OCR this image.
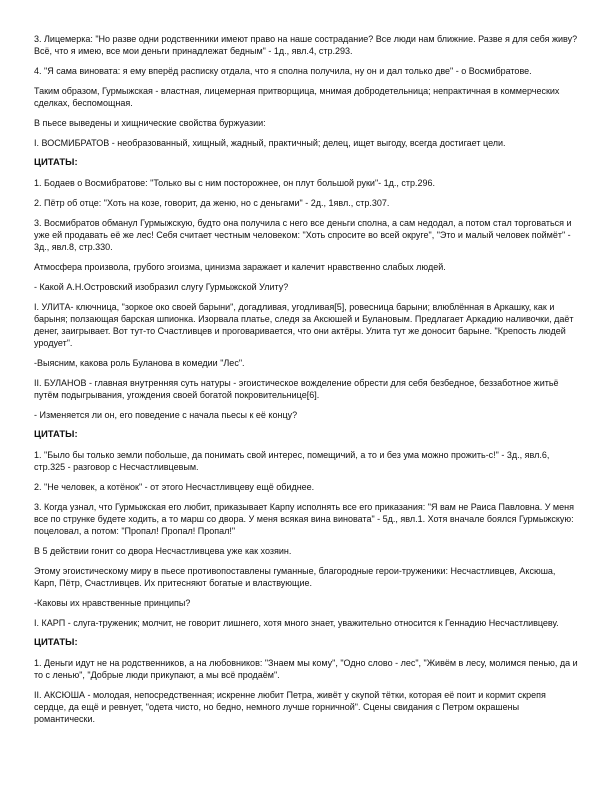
3. Лицемерка: "Но разве одни родственники имеют право на наше сострадание? Все люди нам ближние. Разве я для себя живу? Всё, что я имею, все мои деньги принадлежат бедным" - 1д., явл.4, стр.293.

4. "Я сама виновата: я ему вперёд расписку отдала, что я сполна получила, ну он и дал только две" - о Восмибратове.

Таким образом, Гурмыжская - властная, лицемерная притворщица, мнимая добродетельница; непрактичная в коммерческих сделках, беспомощная.

В пьесе выведены и хищнические свойства буржуазии:

I. ВОСМИБРАТОВ - необразованный, хищный, жадный, практичный; делец, ищет выгоду, всегда достигает цели.

ЦИТАТЫ:

1. Бодаев о Восмибратове: "Только вы с ним посторожнее, он плут большой руки"- 1д., стр.296.

2. Пётр об отце: "Хоть на козе, говорит, да женю, но с деньгами" - 2д., 1явл., стр.307.

3. Восмибратов обманул Гурмыжскую, будто она получила с него все деньги сполна, а сам недодал, а потом стал торговаться и уже ей продавать её же лес! Себя считает честным человеком: "Хоть спросите во всей округе", "Это и малый человек поймёт" - 3д., явл.8, стр.330.

Атмосфера произвола, грубого эгоизма, цинизма заражает и калечит нравственно слабых людей.

- Какой А.Н.Островский изобразил слугу Гурмыжской Улиту?

I. УЛИТА- ключница, "зоркое око своей барыни", догадливая, угодливая[5], ровесница барыни; влюблённая в Аркашку, как и барыня; ползающая барская шпионка. Изорвала платье, следя за Аксюшей и Булановым. Предлагает Аркадию наливочки, даёт денег, заигрывает. Вот тут-то Счастливцев и проговаривается, что они актёры. Улита тут же доносит барыне. "Крепость людей уродует".

-Выясним, какова роль Буланова в комедии "Лес".

II. БУЛАНОВ - главная внутренняя суть натуры - эгоистическое вожделение обрести для себя безбедное, беззаботное житьё путём подыгрывания, угождения своей богатой покровительнице[6].

- Изменяется ли он, его поведение с начала пьесы к её концу?

ЦИТАТЫ:

1. "Было бы только земли побольше, да понимать свой интерес, помещичий, а то и без ума можно прожить-с!" - 3д., явл.6, стр.325 - разговор с Несчастливцевым.

2. "Не человек, а котёнок" - от этого Несчастливцеву ещё обиднее.

3. Когда узнал, что Гурмыжская его любит, приказывает Карпу исполнять все его приказания: "Я вам не Раиса Павловна. У меня все по струнке будете ходить, а то марш со двора. У меня всякая вина виновата" - 5д., явл.1. Хотя вначале боялся Гурмыжскую: поцеловал, а потом: "Пропал! Пропал! Пропал!"

В 5 действии гонит со двора Несчастливцева уже как хозяин.

Этому эгоистическому миру в пьесе противопоставлены гуманные, благородные герои-труженики: Несчастливцев, Аксюша, Карп, Пётр, Счастливцев. Их притесняют богатые и властвующие.

-Каковы их нравственные принципы?

I. КАРП - слуга-труженик; молчит, не говорит лишнего, хотя много знает, уважительно относится к Геннадию Несчастливцеву.

ЦИТАТЫ:

1. Деньги идут не на родственников, а на любовников: "Знаем мы кому", "Одно слово - лес", "Живём в лесу, молимся пенью, да и то с ленью", "Добрые люди прикупают, а мы всё продаём".

II. АКСЮША - молодая, непосредственная; искренне любит Петра, живёт у скупой тётки, которая её поит и кормит скрепя сердце, да ещё и ревнует, "одета чисто, но бедно, немного лучше горничной". Сцены свидания с Петром окрашены романтически.
